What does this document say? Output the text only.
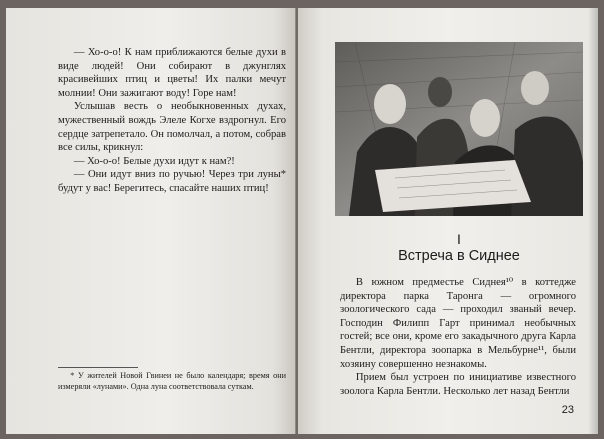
— Хо-о-о! К нам приближаются белые духи в виде людей! Они собирают в джунглях красивейших птиц и цветы! Их палки мечут молнии! Они зажигают воду! Горе нам!

Услышав весть о необыкновенных духах, мужественный вождь Элеле Когхе вздрогнул. Его сердце затрепетало. Он помолчал, а потом, собрав все силы, крикнул:

— Хо-о-о! Белые духи идут к нам?!

— Они идут вниз по ручью! Через три луны* будут у вас! Берегитесь, спасайте наших птиц!

* У жителей Новой Гвинеи не было календаря; время они измеряли «лунами». Одна луна соответствовала суткам.

I
Встреча в Сиднее

В южном предместье Сиднея¹⁰ в коттедже директора парка Таронга — огромного зоологического сада — проходил званый вечер. Господин Филипп Гарт принимал необычных гостей; все они, кроме его закадычного друга Карла Бентли, директора зоопарка в Мельбурне¹¹, были хозяину совершенно незнакомы.

Прием был устроен по инициативе известного зоолога Карла Бентли. Несколько лет назад Бентли

23
